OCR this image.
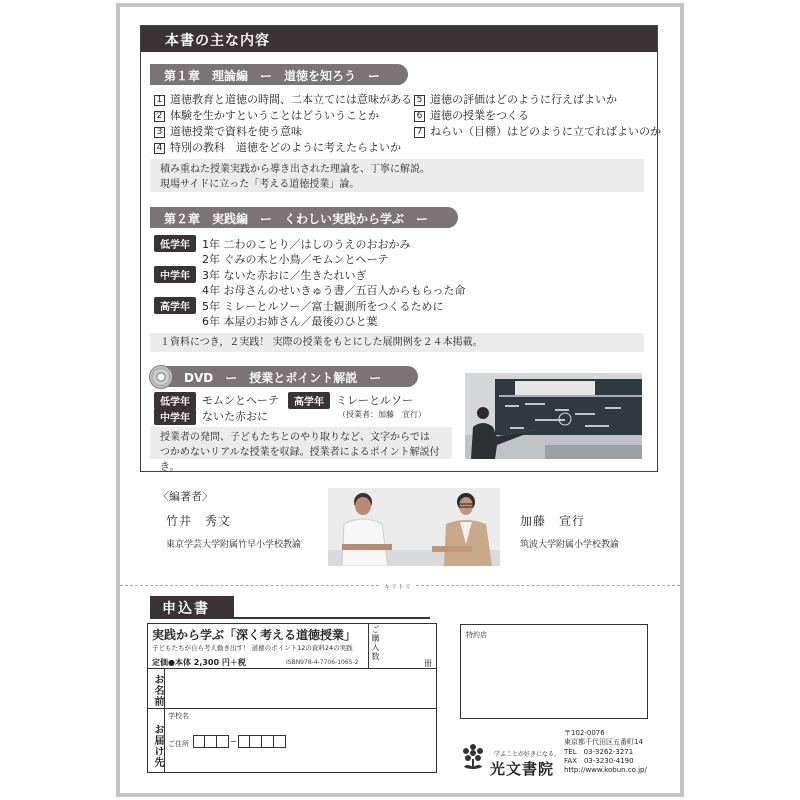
本書の主な内容
第１章　理論編　ー　道徳を知ろう　ー
1 道徳教育と道徳の時間、二本立てには意味がある
2 体験を生かすということはどういうことか
3 道徳授業で資料を使う意味
4 特別の教科　道徳をどのように考えたらよいか
5 道徳の評価はどのように行えばよいか
6 道徳の授業をつくる
7 ねらい（目標）はどのように立てればよいのか
積み重ねた授業実践から導き出された理論を、丁寧に解説。
現場サイドに立った「考える道徳授業」論。
第２章　実践編　ー　くわしい実践から学ぶ　ー
低学年	1年 二わのことり／はしのうえのおおかみ
2年 ぐみの木と小鳥／モムンとヘーテ
中学年	3年 ないた赤おに／生きたれいぎ
4年 お母さんのせいきゅう書／五百人からもらった命
高学年	5年 ミレーとルソー／富士観測所をつくるために
6年 本屋のお姉さん／最後のひと葉
１資料につき，２実践！ 実際の授業をもとにした展開例を２４本掲載。
DVD　ー　授業とポイント解説　ー
低学年	モムンとヘーテ	高学年	ミレーとルソー
中学年	ないた赤おに	（授業者：加藤　宣行）
授業者の発問、子どもたちとのやり取りなど、文字からでは
つかめないリアルな授業を収録。授業者によるポイント解説付き。
〈編著者〉
竹井　秀文
東京学芸大学附属竹早小学校教諭
加藤　宣行
筑波大学附属小学校教諭
キリトリ
申込書
実践から学ぶ「深く考える道徳授業」
子どもたちが自ら考え動き出す！ 道徳のポイント12の資料24の実践
定価●本体 2,300 円＋税	ISBN978-4-7706-1065-2
ご購入数
冊
お名前
お届け先
学校名
ご住所	−
特約店
学ぶことが好きになる。
光文書院
〒102-0076
東京都千代田区五番町14
TEL　03-3262-3271
FAX　03-3230-4190
http://www.kobun.co.jp/
